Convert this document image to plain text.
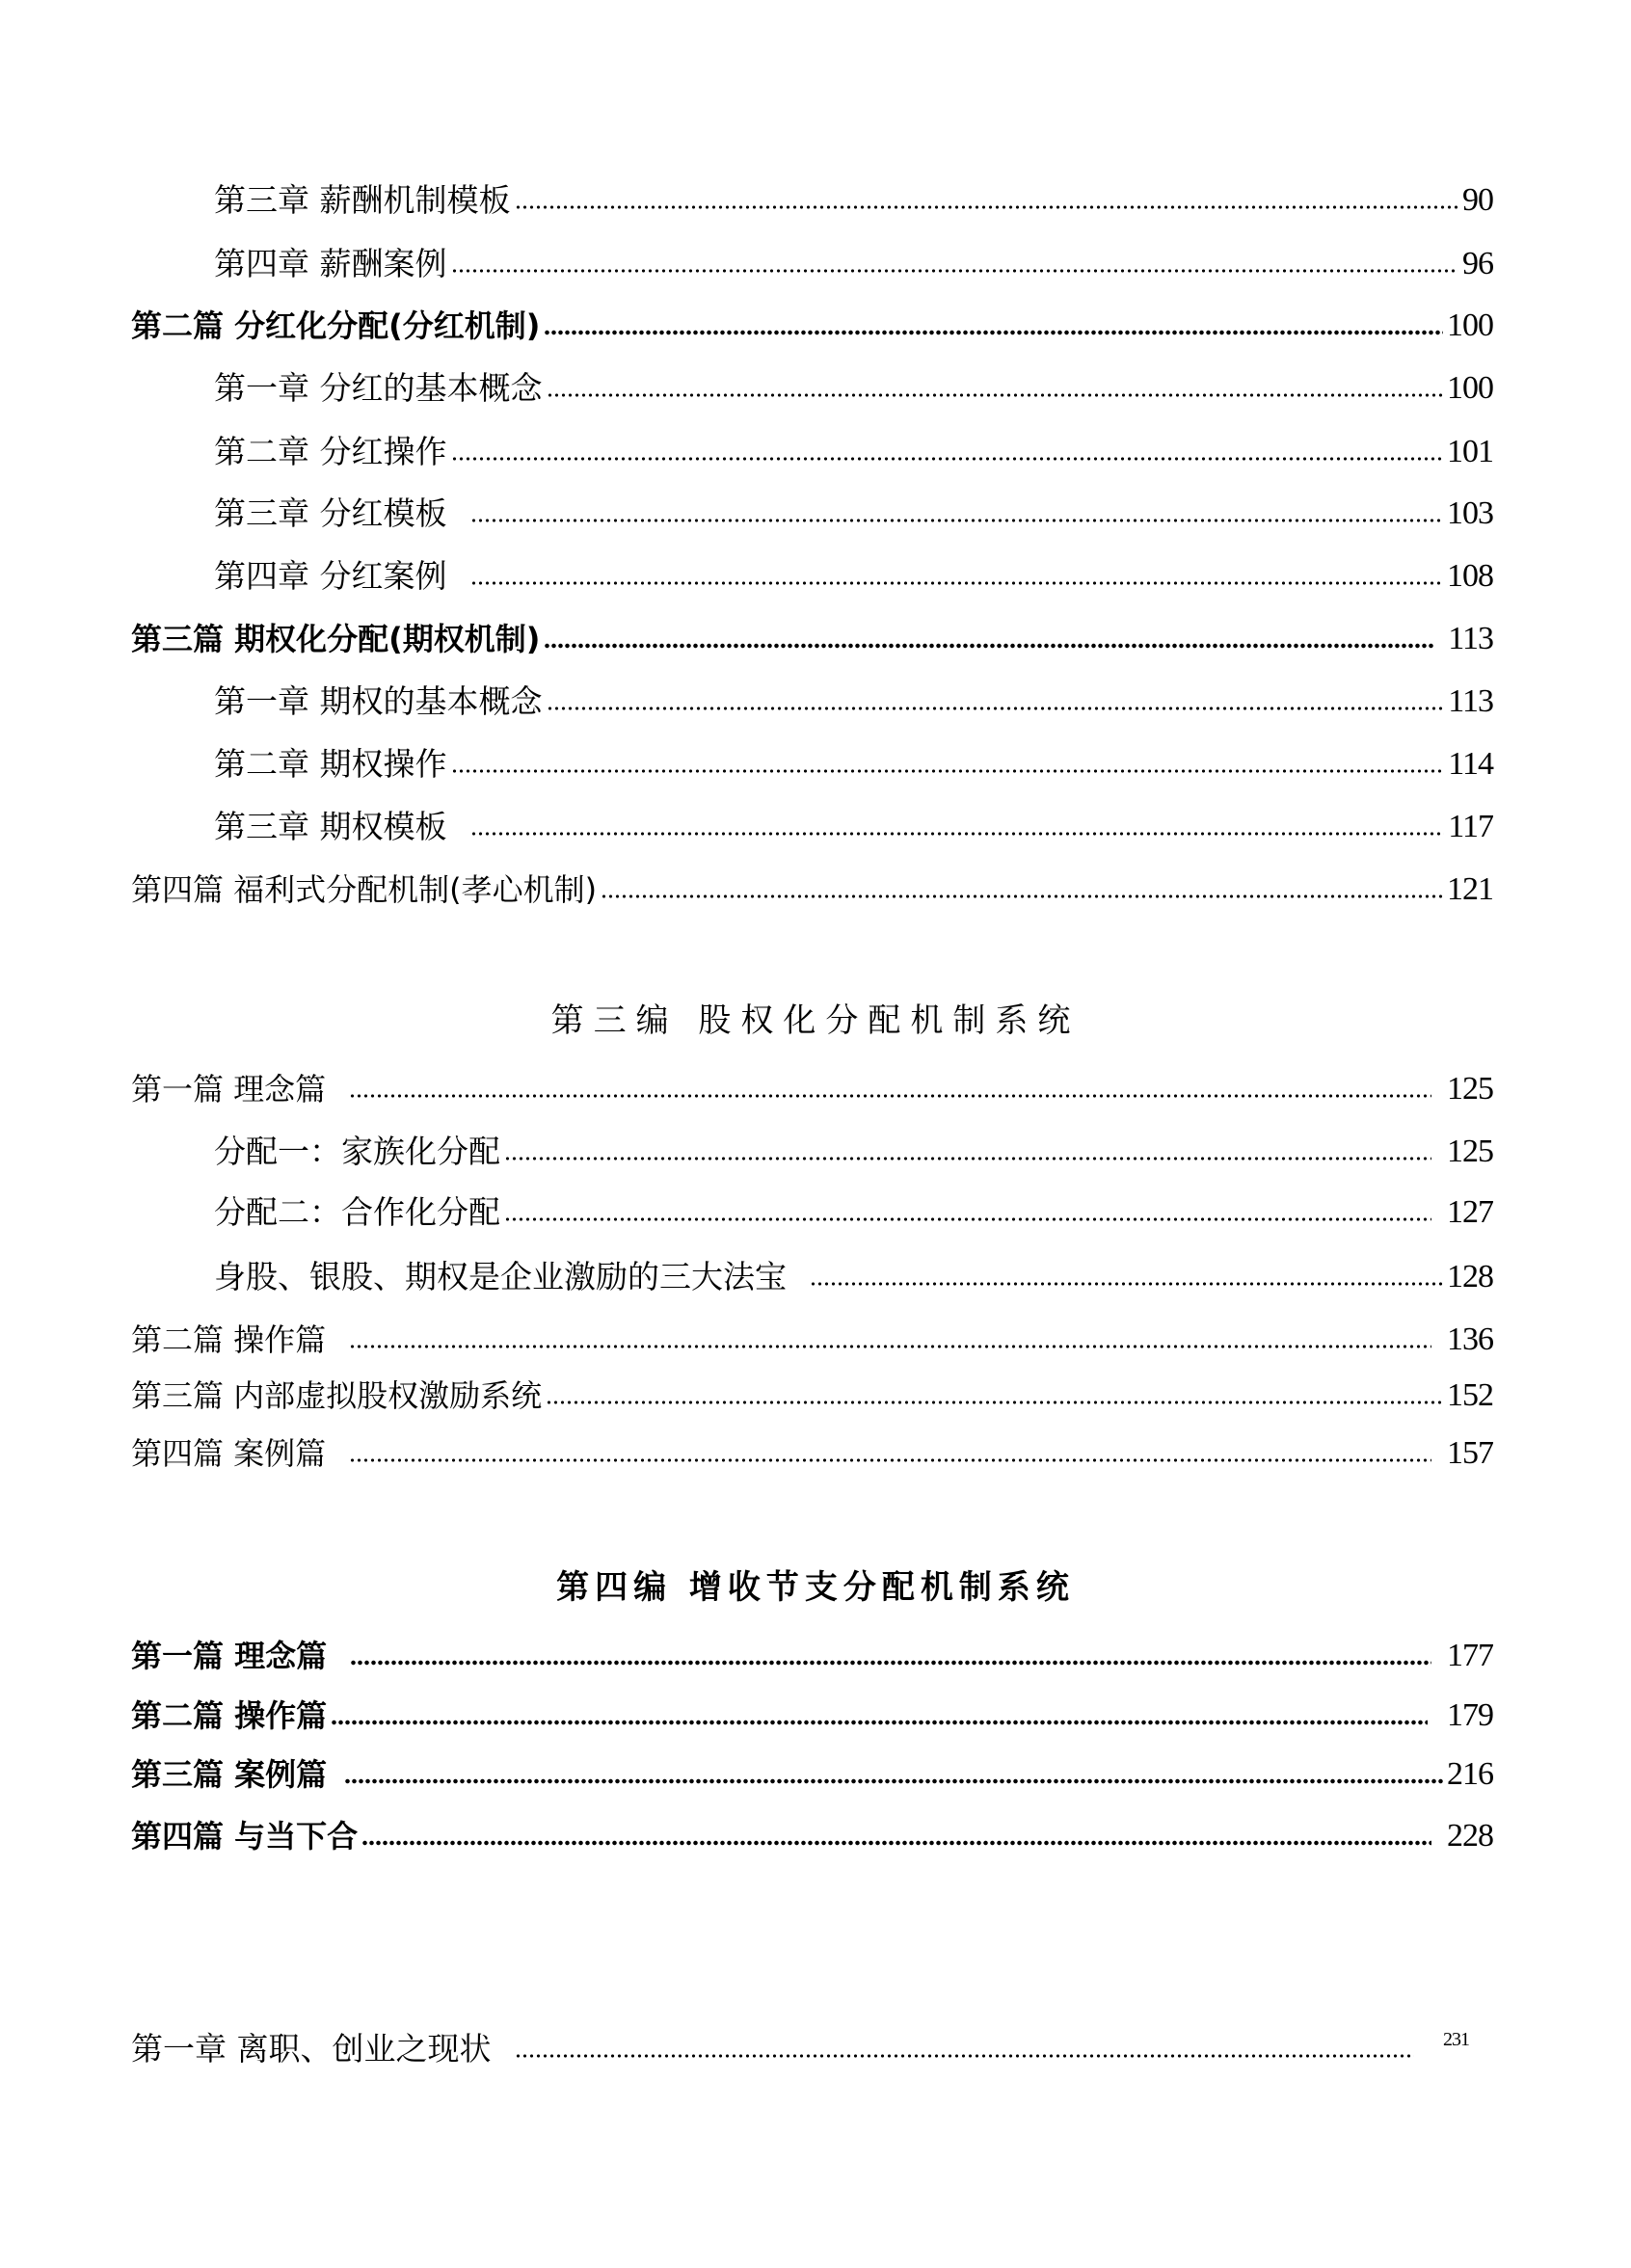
第三章 薪酬机制模板	90
第四章 薪酬案例	96
第二篇 分红化分配(分红机制)	100
第一章 分红的基本概念	100
第二章 分红操作	101
第三章 分红模板	103
第四章 分红案例	108
第三篇 期权化分配(期权机制)	113
第一章 期权的基本概念	113
第二章 期权操作	114
第三章 期权模板	117
第四篇 福利式分配机制(孝心机制)	121
第三编 股权化分配机制系统
第一篇 理念篇	125
分配一：家族化分配	125
分配二：合作化分配	127
身股、银股、期权是企业激励的三大法宝	128
第二篇 操作篇	136
第三篇 内部虚拟股权激励系统	152
第四篇 案例篇	157
第四编 增收节支分配机制系统
第一篇 理念篇	177
第二篇 操作篇	179
第三篇 案例篇	216
第四篇 与当下合	228
第一章 离职、创业之现状	231
